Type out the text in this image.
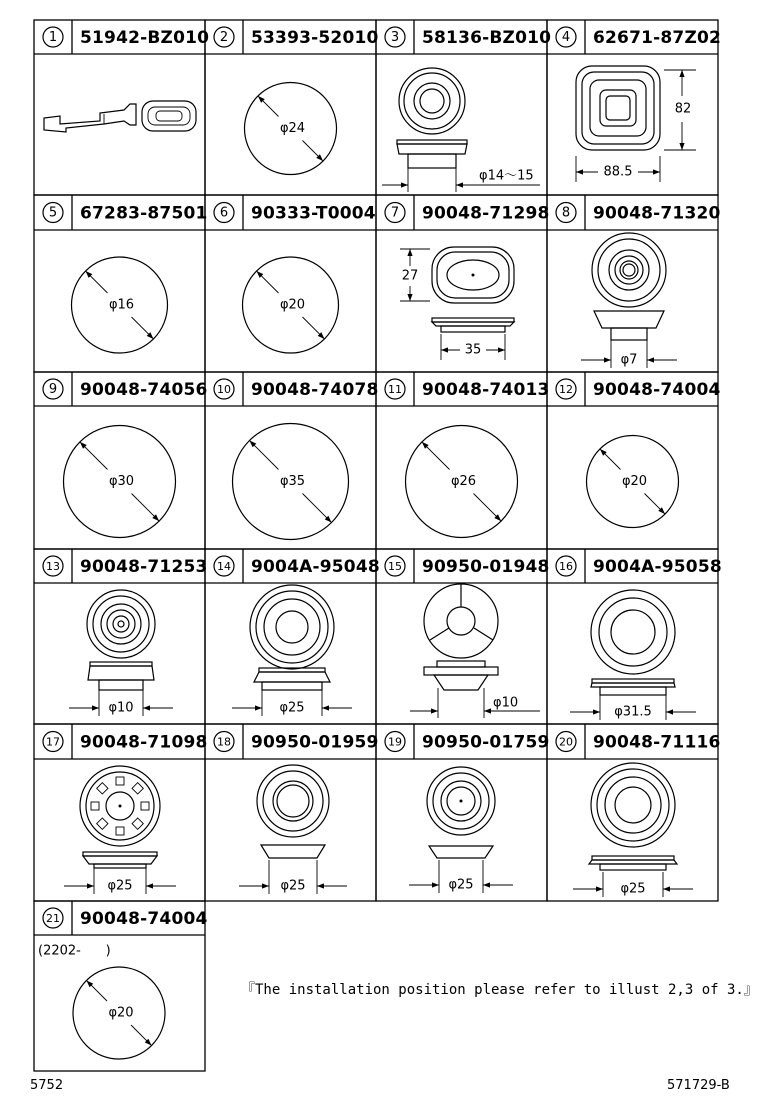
1 51942-BZ010 2 53393-52010 3 58136-BZ010 4 62671-87Z02
5 67283-87501 6 90333-T0004 7 90048-71298 8 90048-71320
9 90048-74056 10 90048-74078 11 90048-74013 12 90048-74004
13 90048-71253 14 9004A-95048 15 90950-01948 16 9004A-95058
17 90048-71098 18 90950-01959 19 90950-01759 20 90048-71116
21 90048-74004
φ24
φ14～15
82
88.5
φ16	φ20
27
35
φ7
φ30	φ35	φ26	φ20
φ10	φ25	φ10
φ31.5
φ25	φ25	φ25	φ25
φ20
(2202-      )
『The installation position please refer to illust 2,3 of 3.』
5752	571729-B
